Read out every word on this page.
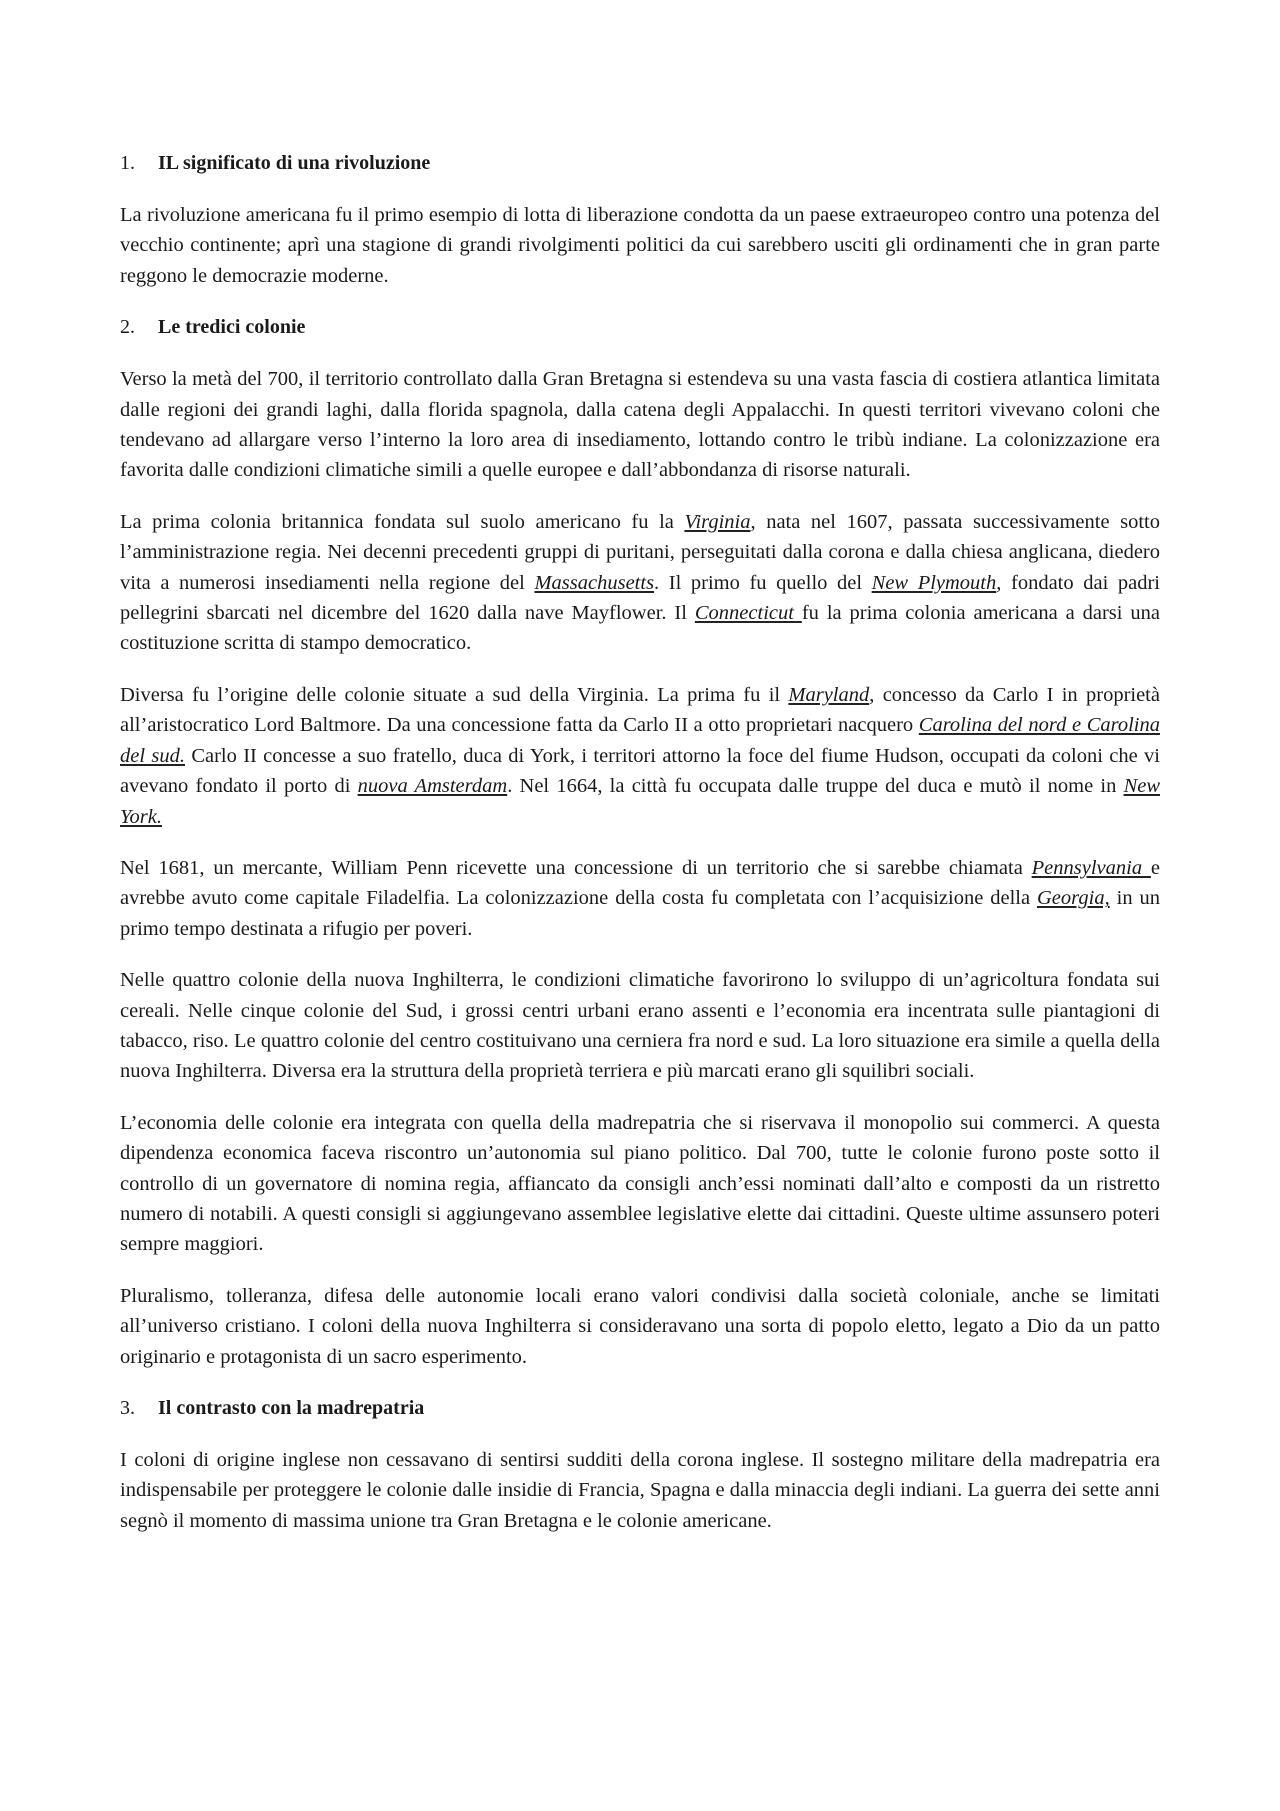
1.	IL significato di una rivoluzione

La rivoluzione americana fu il primo esempio di lotta di liberazione condotta da un paese extraeuropeo contro una potenza del vecchio continente; aprì una stagione di grandi rivolgimenti politici da cui sarebbero usciti gli ordinamenti che in gran parte reggono le democrazie moderne.

2.	Le tredici colonie

Verso la metà del 700, il territorio controllato dalla Gran Bretagna si estendeva su una vasta fascia di costiera atlantica limitata dalle regioni dei grandi laghi, dalla florida spagnola, dalla catena degli Appalacchi. In questi territori vivevano coloni che tendevano ad allargare verso l’interno la loro area di insediamento, lottando contro le tribù indiane. La colonizzazione era favorita dalle condizioni climatiche simili a quelle europee e dall’abbondanza di risorse naturali.

La prima colonia britannica fondata sul suolo americano fu la Virginia, nata nel 1607, passata successivamente sotto l’amministrazione regia. Nei decenni precedenti gruppi di puritani, perseguitati dalla corona e dalla chiesa anglicana, diedero vita a numerosi insediamenti nella regione del Massachusetts. Il primo fu quello del New Plymouth, fondato dai padri pellegrini sbarcati nel dicembre del 1620 dalla nave Mayflower. Il Connecticut fu la prima colonia americana a darsi una costituzione scritta di stampo democratico.

Diversa fu l’origine delle colonie situate a sud della Virginia. La prima fu il Maryland, concesso da Carlo I in proprietà all’aristocratico Lord Baltmore. Da una concessione fatta da Carlo II a otto proprietari nacquero Carolina del nord e Carolina del sud. Carlo II concesse a suo fratello, duca di York, i territori attorno la foce del fiume Hudson, occupati da coloni che vi avevano fondato il porto di nuova Amsterdam. Nel 1664, la città fu occupata dalle truppe del duca e mutò il nome in New York.

Nel 1681, un mercante, William Penn ricevette una concessione di un territorio che si sarebbe chiamata Pennsylvania e avrebbe avuto come capitale Filadelfia. La colonizzazione della costa fu completata con l’acquisizione della Georgia, in un primo tempo destinata a rifugio per poveri.

Nelle quattro colonie della nuova Inghilterra, le condizioni climatiche favorirono lo sviluppo di un’agricoltura fondata sui cereali. Nelle cinque colonie del Sud, i grossi centri urbani erano assenti e l’economia era incentrata sulle piantagioni di tabacco, riso. Le quattro colonie del centro costituivano una cerniera fra nord e sud. La loro situazione era simile a quella della nuova Inghilterra. Diversa era la struttura della proprietà terriera e più marcati erano gli squilibri sociali.

L’economia delle colonie era integrata con quella della madrepatria che si riservava il monopolio sui commerci. A questa dipendenza economica faceva riscontro un’autonomia sul piano politico. Dal 700, tutte le colonie furono poste sotto il controllo di un governatore di nomina regia, affiancato da consigli anch’essi nominati dall’alto e composti da un ristretto numero di notabili. A questi consigli si aggiungevano assemblee legislative elette dai cittadini. Queste ultime assunsero poteri sempre maggiori.

Pluralismo, tolleranza, difesa delle autonomie locali erano valori condivisi dalla società coloniale, anche se limitati all’universo cristiano. I coloni della nuova Inghilterra si consideravano una sorta di popolo eletto, legato a Dio da un patto originario e protagonista di un sacro esperimento.

3.	Il contrasto con la madrepatria

I coloni di origine inglese non cessavano di sentirsi sudditi della corona inglese. Il sostegno militare della madrepatria era indispensabile per proteggere le colonie dalle insidie di Francia, Spagna e dalla minaccia degli indiani. La guerra dei sette anni segnò il momento di massima unione tra Gran Bretagna e le colonie americane.
